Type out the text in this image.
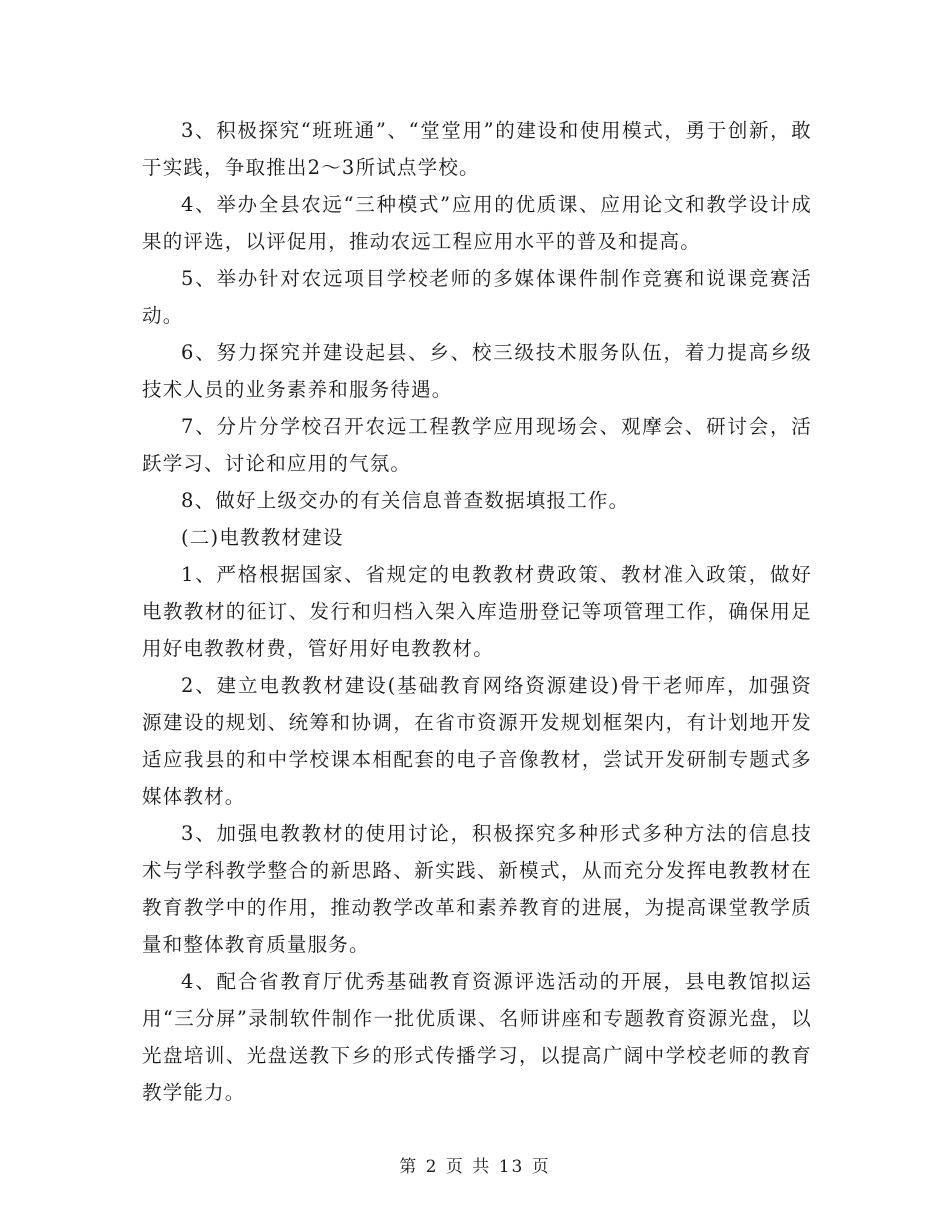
3、积极探究“班班通”、“堂堂用”的建设和使用模式，勇于创新，敢于实践，争取推出2～3所试点学校。

4、举办全县农远“三种模式”应用的优质课、应用论文和教学设计成果的评选，以评促用，推动农远工程应用水平的普及和提高。

5、举办针对农远项目学校老师的多媒体课件制作竞赛和说课竞赛活动。

6、努力探究并建设起县、乡、校三级技术服务队伍，着力提高乡级技术人员的业务素养和服务待遇。

7、分片分学校召开农远工程教学应用现场会、观摩会、研讨会，活跃学习、讨论和应用的气氛。

8、做好上级交办的有关信息普查数据填报工作。

(二)电教教材建设

1、严格根据国家、省规定的电教教材费政策、教材准入政策，做好电教教材的征订、发行和归档入架入库造册登记等项管理工作，确保用足用好电教教材费，管好用好电教教材。

2、建立电教教材建设(基础教育网络资源建设)骨干老师库，加强资源建设的规划、统筹和协调，在省市资源开发规划框架内，有计划地开发适应我县的和中学校课本相配套的电子音像教材，尝试开发研制专题式多媒体教材。

3、加强电教教材的使用讨论，积极探究多种形式多种方法的信息技术与学科教学整合的新思路、新实践、新模式，从而充分发挥电教教材在教育教学中的作用，推动教学改革和素养教育的进展，为提高课堂教学质量和整体教育质量服务。

4、配合省教育厅优秀基础教育资源评选活动的开展，县电教馆拟运用“三分屏”录制软件制作一批优质课、名师讲座和专题教育资源光盘，以光盘培训、光盘送教下乡的形式传播学习，以提高广阔中学校老师的教育教学能力。

第 2 页 共 13 页
